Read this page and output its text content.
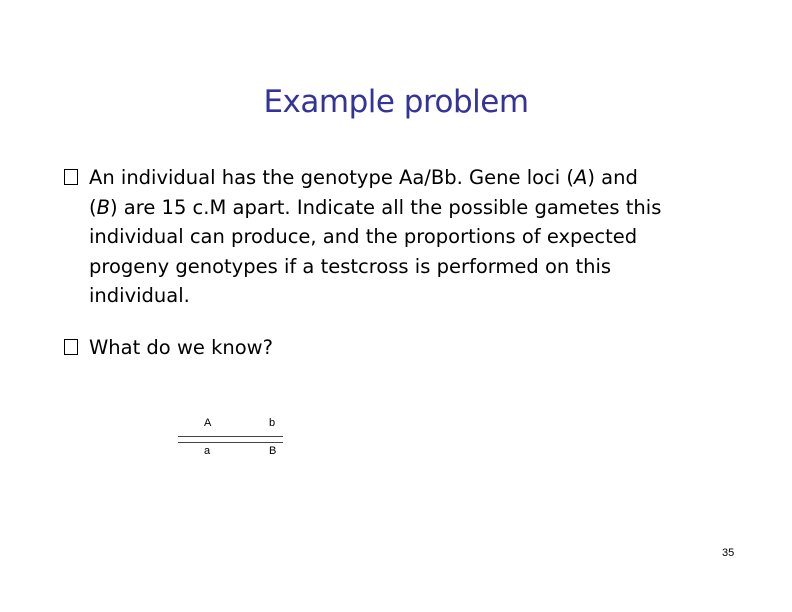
Example problem
An individual has the genotype Aa/Bb. Gene loci (A) and
(B) are 15 c.M apart. Indicate all the possible gametes this
individual can produce, and the proportions of expected
progeny genotypes if a testcross is performed on this
individual.
What do we know?
A	b
a	B
35
